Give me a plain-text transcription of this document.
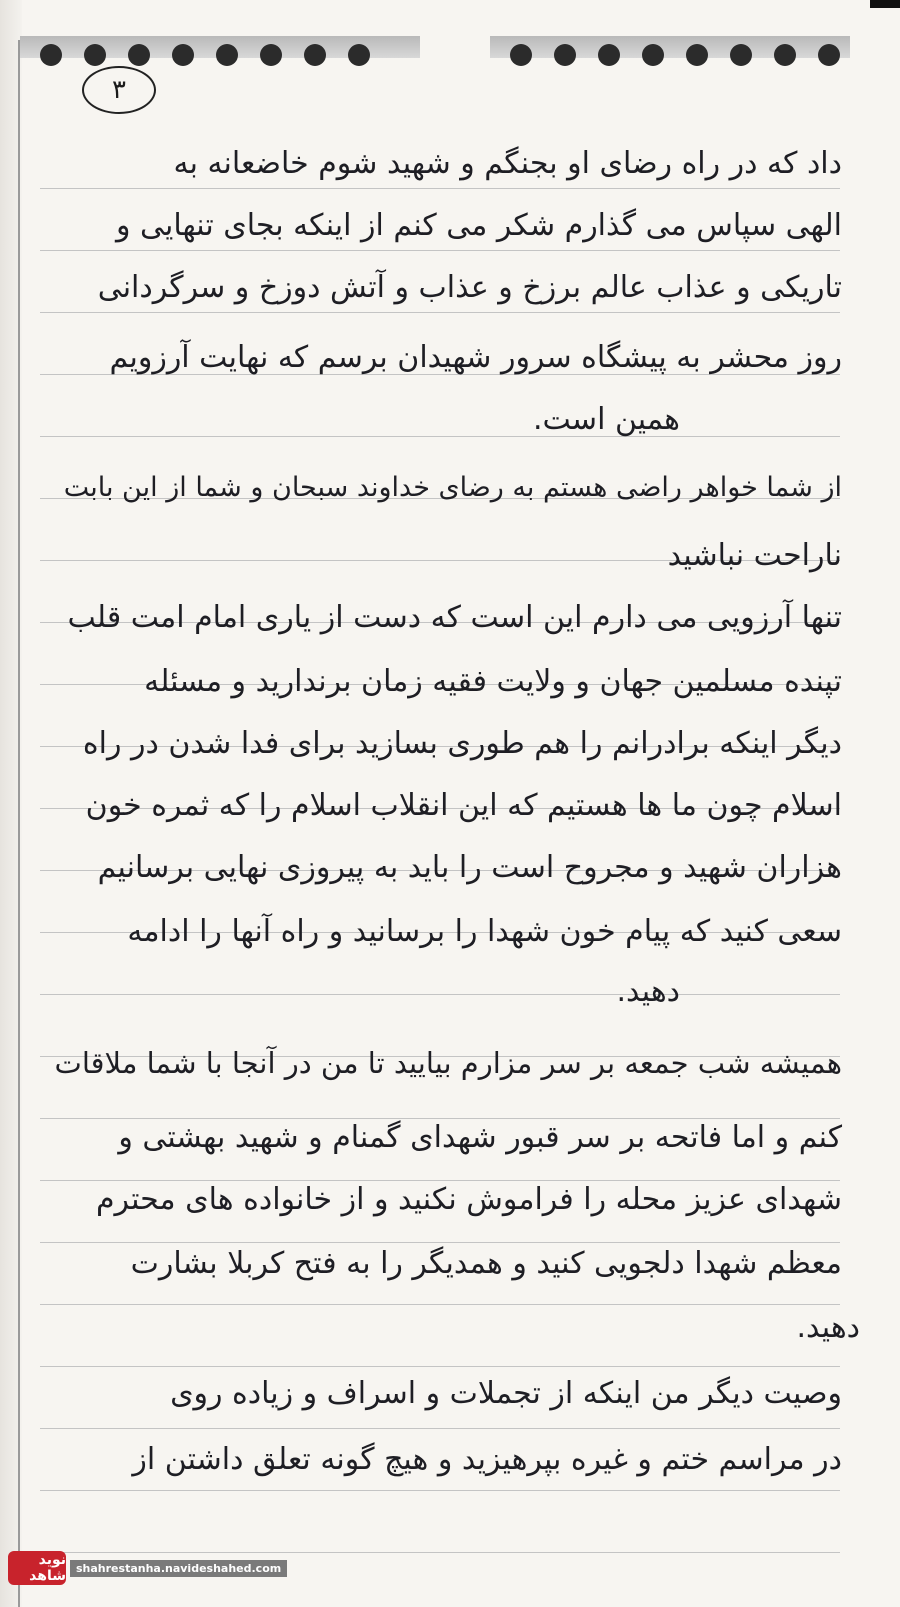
۳
داد که در راه رضای او بجنگم و شهید شوم خاضعانه به
الهی سپاس می گذارم شکر می کنم از اینکه بجای تنهایی و
تاریکی و عذاب عالم برزخ و عذاب و آتش دوزخ و سرگردانی
روز محشر به پیشگاه سرور شهیدان برسم که نهایت آرزویم
همین است.
از شما خواهر راضی هستم به رضای خداوند سبحان و شما از این بابت
ناراحت نباشید
تنها آرزویی می دارم این است که دست از یاری امام امت قلب
تپنده مسلمین جهان و ولایت فقیه زمان برندارید و مسئله
دیگر اینکه برادرانم را هم طوری بسازید برای فدا شدن در راه
اسلام چون ما ها هستیم که این انقلاب اسلام را که ثمره خون
هزاران شهید و مجروح است را باید به پیروزی نهایی برسانیم
سعی کنید که پیام خون شهدا را برسانید و راه آنها را ادامه
دهید.
همیشه شب جمعه بر سر مزارم بیایید تا من در آنجا با شما ملاقات
کنم و اما فاتحه بر سر قبور شهدای گمنام و شهید بهشتی و
شهدای عزیز محله را فراموش نکنید و از خانواده های محترم
معظم شهدا دلجویی کنید و همدیگر را به فتح کربلا بشارت
دهید.
وصیت دیگر من اینکه از تجملات و اسراف و زیاده روی
در مراسم ختم و غیره بپرهیزید و هیچ گونه تعلق داشتن از
نوید شاهد shahrestanha.navideshahed.com
